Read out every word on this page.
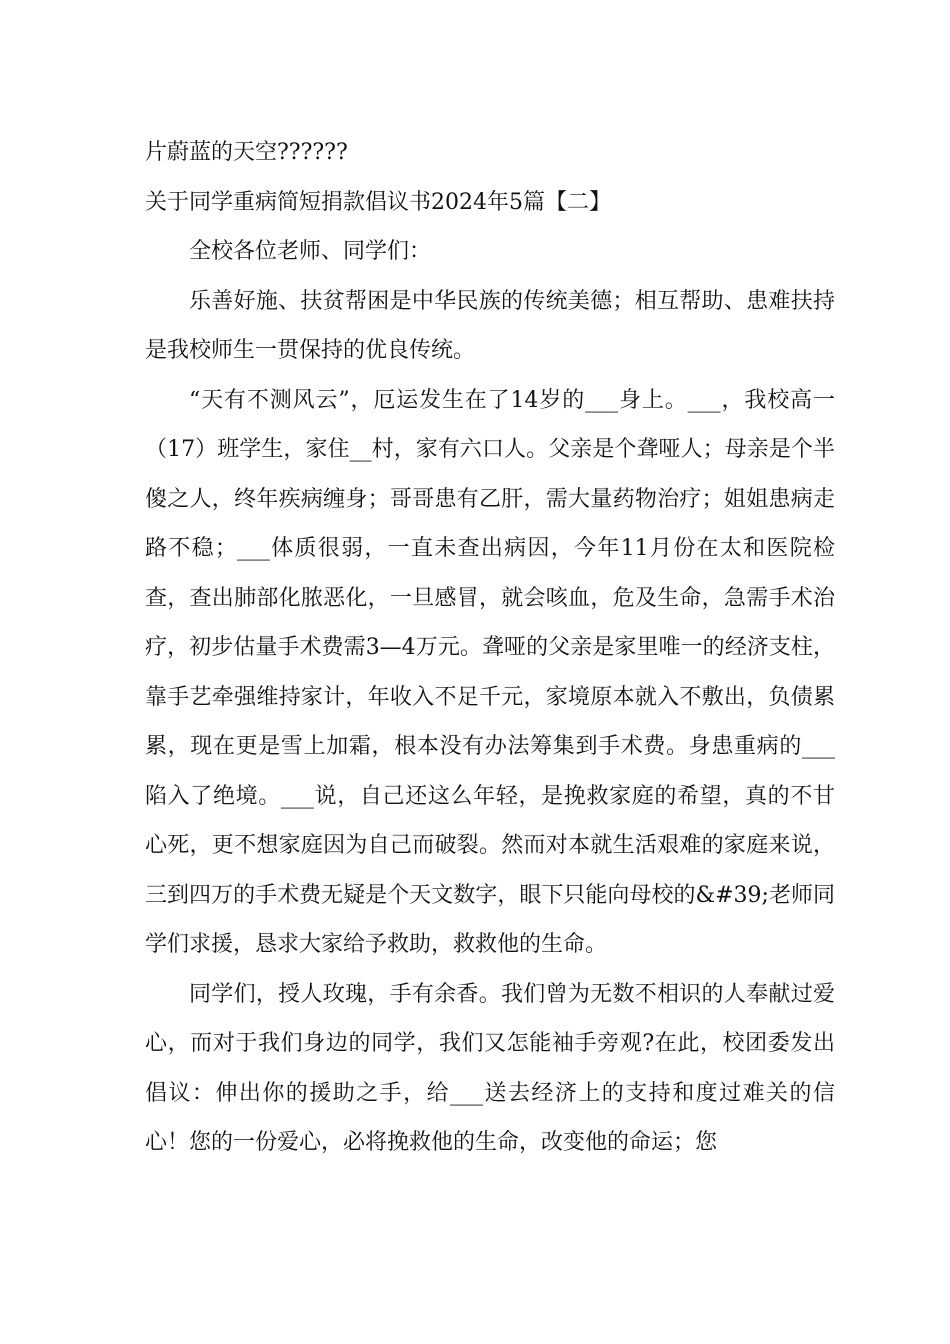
片蔚蓝的天空??????

关于同学重病简短捐款倡议书2024年5篇【二】

全校各位老师、同学们：

乐善好施、扶贫帮困是中华民族的传统美德；相互帮助、患难扶持是我校师生一贯保持的优良传统。

“天有不测风云”，厄运发生在了14岁的___身上。___，我校高一（17）班学生，家住__村，家有六口人。父亲是个聋哑人；母亲是个半傻之人，终年疾病缠身；哥哥患有乙肝，需大量药物治疗；姐姐患病走路不稳；___体质很弱，一直未查出病因，今年11月份在太和医院检查，查出肺部化脓恶化，一旦感冒，就会咳血，危及生命，急需手术治疗，初步估量手术费需3—4万元。聋哑的父亲是家里唯一的经济支柱，靠手艺牵强维持家计，年收入不足千元，家境原本就入不敷出，负债累累，现在更是雪上加霜，根本没有办法筹集到手术费。身患重病的___陷入了绝境。___说，自己还这么年轻，是挽救家庭的希望，真的不甘心死，更不想家庭因为自己而破裂。然而对本就生活艰难的家庭来说，三到四万的手术费无疑是个天文数字，眼下只能向母校的&#39;老师同学们求援，恳求大家给予救助，救救他的生命。

同学们，授人玫瑰，手有余香。我们曾为无数不相识的人奉献过爱心，而对于我们身边的同学，我们又怎能袖手旁观?在此，校团委发出倡议：伸出你的援助之手，给___送去经济上的支持和度过难关的信心！您的一份爱心，必将挽救他的生命，改变他的命运；您
